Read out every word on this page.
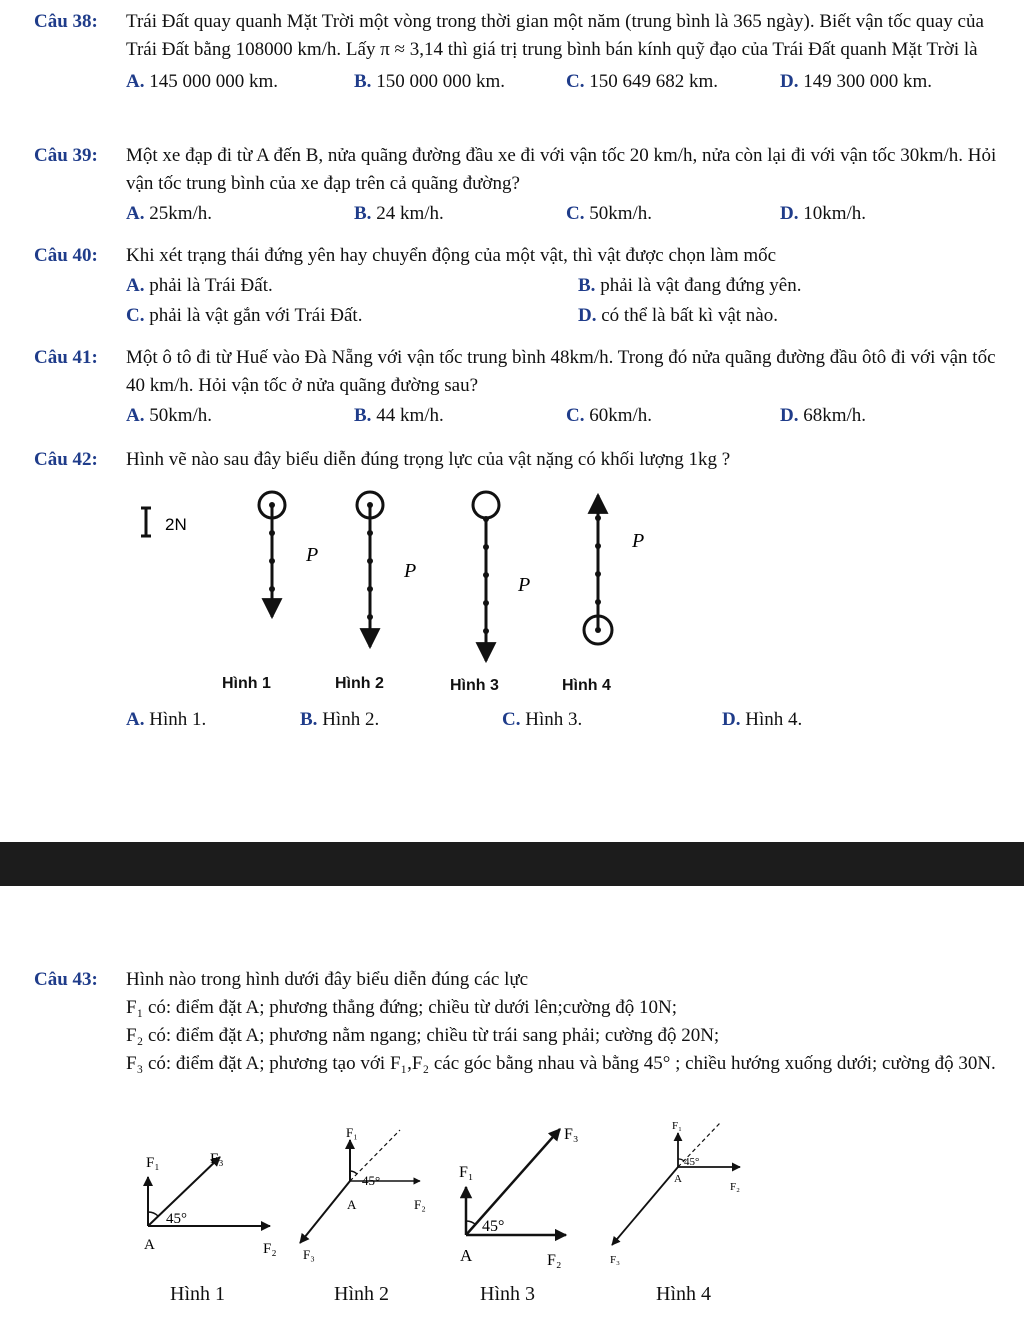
Câu 38:	Trái Đất quay quanh Mặt Trời một vòng trong thời gian một năm (trung bình là 365 ngày). Biết vận tốc quay của Trái Đất bằng 108000 km/h. Lấy π ≈ 3,14 thì giá trị trung bình bán kính quỹ đạo của Trái Đất quanh Mặt Trời là
A. 145 000 000 km.	B. 150 000 000 km.	C. 150 649 682 km.	D. 149 300 000 km.
Câu 39:	Một xe đạp đi từ A đến B, nửa quãng đường đầu xe đi với vận tốc 20 km/h, nửa còn lại đi với vận tốc 30km/h. Hỏi vận tốc trung bình của xe đạp trên cả quãng đường?
A. 25km/h.	B. 24 km/h.	C. 50km/h.	D. 10km/h.
Câu 40:	Khi xét trạng thái đứng yên hay chuyển động của một vật, thì vật được chọn làm mốc
A. phải là Trái Đất.	B. phải là vật đang đứng yên.
C. phải là vật gắn với Trái Đất.	D. có thể là bất kì vật nào.
Câu 41:	Một ô tô đi từ Huế vào Đà Nẵng với vận tốc trung bình 48km/h. Trong đó nửa quãng đường đầu ôtô đi với vận tốc 40 km/h. Hỏi vận tốc ở nửa quãng đường sau?
A. 50km/h.	B. 44 km/h.	C. 60km/h.	D. 68km/h.
Câu 42:	Hình vẽ nào sau đây biểu diễn đúng trọng lực của vật nặng có khối lượng 1kg ?
2N
P⃗
P⃗
P⃗
P⃗
Hình 1	Hình 2	Hình 3	Hình 4
A. Hình 1.	B. Hình 2.	C. Hình 3.	D. Hình 4.
Câu 43:	Hình nào trong hình dưới đây biểu diễn đúng các lực
F₁ có: điểm đặt A; phương thẳng đứng; chiều từ dưới lên;cường độ 10N;
F₂ có: điểm đặt A; phương nằm ngang; chiều từ trái sang phải; cường độ 20N;
F₃ có: điểm đặt A; phương tạo với F₁,F₂ các góc bằng nhau và bằng 45° ; chiều hướng xuống dưới; cường độ 30N.
F₁	F₃
45°
A	F₂
F₁
45°
A	F₂
F₃
F₁
F₃
45°
A	F₂
F₁
45°
A
F₂
F₃
Hình 1	Hình 2	Hình 3	Hình 4
